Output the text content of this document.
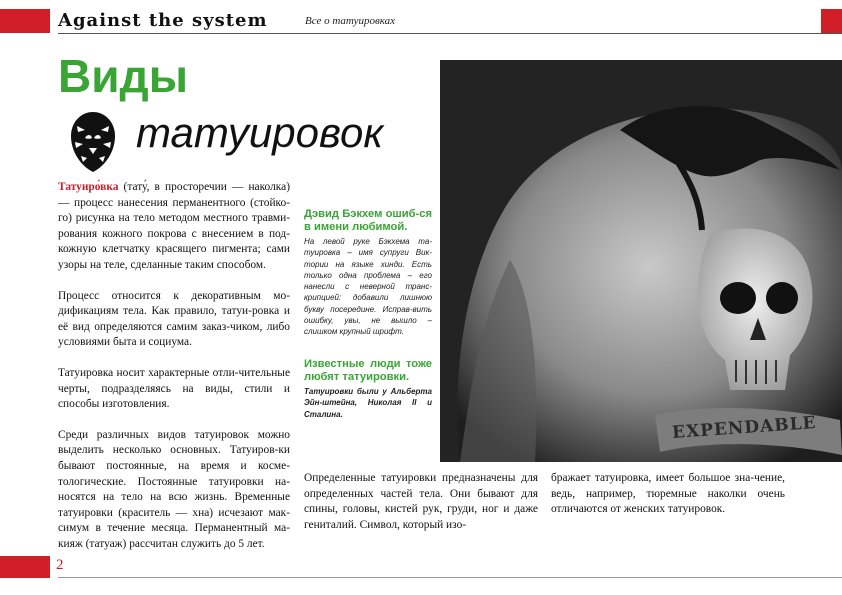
Against the system	Все о татуировках
Виды
татуировок

Татуиро́вка (тату́, в просторечии — наколка) — процесс нанесения перманентного (стойко-го) рисунка на тело методом местного травми-рования кожного покрова с внесением в под-кожную клетчатку красящего пигмента; сами узоры на теле, сделанные таким способом.

Процесс относится к декоративным мо-дификациям тела. Как правило, татуи-ровка и её вид определяются самим заказ-чиком, либо условиями быта и социума.

Татуировка носит характерные отли-чительные черты, подразделяясь на виды, стили и способы изготовления.

Среди различных видов татуировок можно выделить несколько основных. Татуиров-ки бывают постоянные, на время и косме-тологические. Постоянные татуировки на-носятся на тело на всю жизнь. Временные татуировки (краситель — хна) исчезают мак-симум в течение месяца. Перманентный ма-кияж (татуаж) рассчитан служить до 5 лет.

Дэвид Бэкхем ошиб-ся в имени любимой.
На левой руке Бэкхема та-туировка – имя супруги Вик-тории на языке хинди. Есть только одна проблема – его нанесли с неверной транс-крипцией: добавили лишнюю букву посередине. Исправ-вить ошибку, увы, не вышло – слишком крупный шрифт.
Известные люди тоже любят татуировки.
Татуировки были у Альберта Эйн-штейна, Николая II и Сталина.	EXPENDABLE

Определенные татуировки предназначены для определенных частей тела. Они бывают для спины, головы, кистей рук, груди, ног и даже гениталий. Символ, который изо-

бражает татуировка, имеет большое зна-чение, ведь, например, тюремные наколки очень отличаются от женских татуировок.

2
